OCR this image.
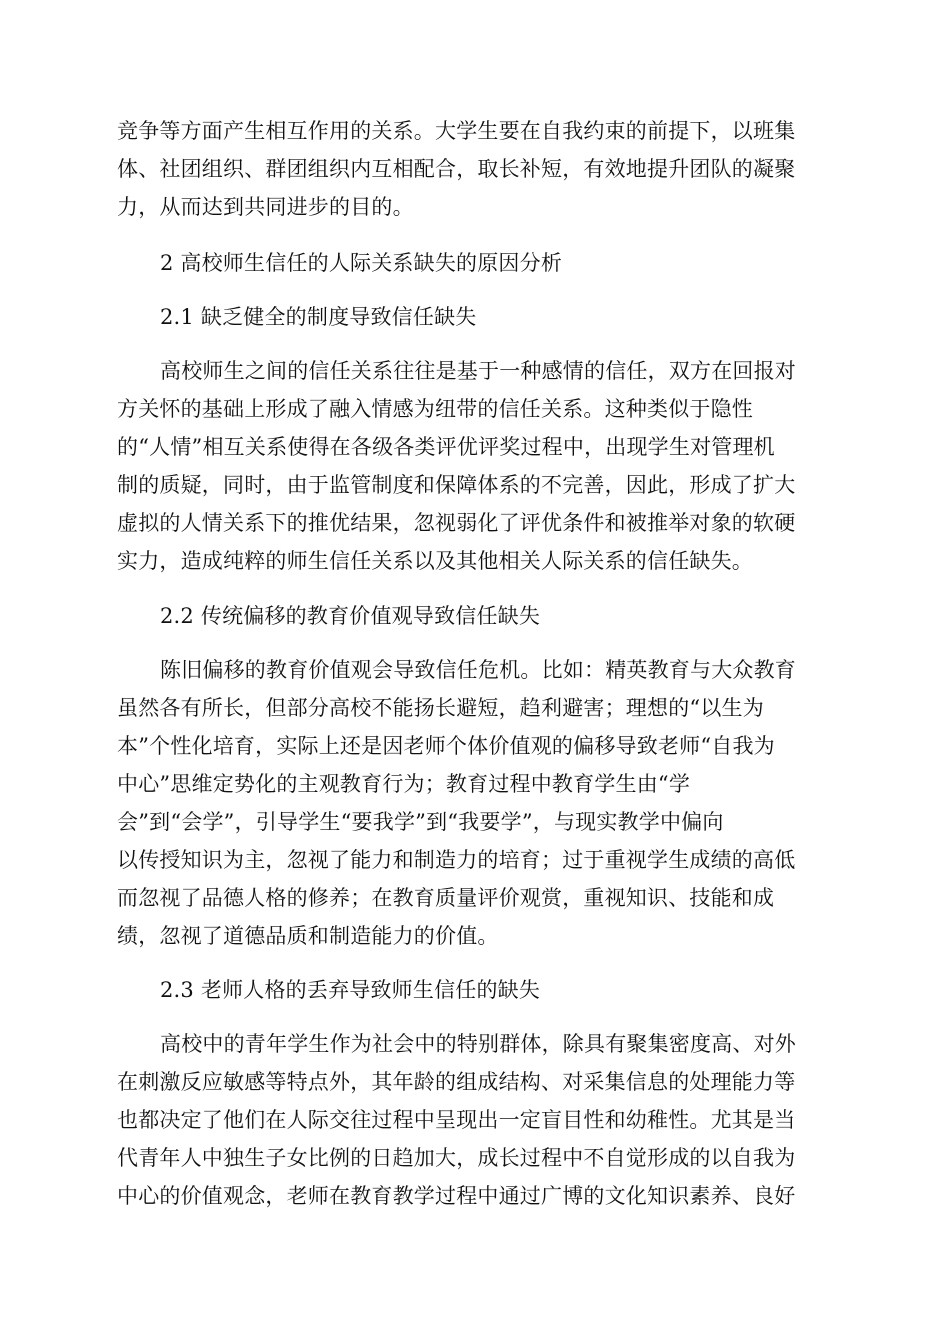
竞争等方面产生相互作用的关系。大学生要在自我约束的前提下，以班集
体、社团组织、群团组织内互相配合，取长补短，有效地提升团队的凝聚
力，从而达到共同进步的目的。
2 高校师生信任的人际关系缺失的原因分析
2.1 缺乏健全的制度导致信任缺失
高校师生之间的信任关系往往是基于一种感情的信任，双方在回报对
方关怀的基础上形成了融入情感为纽带的信任关系。这种类似于隐性
的“人情”相互关系使得在各级各类评优评奖过程中，出现学生对管理机
制的质疑，同时，由于监管制度和保障体系的不完善，因此，形成了扩大
虚拟的人情关系下的推优结果，忽视弱化了评优条件和被推举对象的软硬
实力，造成纯粹的师生信任关系以及其他相关人际关系的信任缺失。
2.2 传统偏移的教育价值观导致信任缺失
陈旧偏移的教育价值观会导致信任危机。比如：精英教育与大众教育
虽然各有所长，但部分高校不能扬长避短，趋利避害；理想的“以生为
本”个性化培育，实际上还是因老师个体价值观的偏移导致老师“自我为
中心”思维定势化的主观教育行为；教育过程中教育学生由“学
会”到“会学”，引导学生“要我学”到“我要学”，与现实教学中偏向
以传授知识为主，忽视了能力和制造力的培育；过于重视学生成绩的高低
而忽视了品德人格的修养；在教育质量评价观赏，重视知识、技能和成
绩，忽视了道德品质和制造能力的价值。
2.3 老师人格的丢弃导致师生信任的缺失
高校中的青年学生作为社会中的特别群体，除具有聚集密度高、对外
在刺激反应敏感等特点外，其年龄的组成结构、对采集信息的处理能力等
也都决定了他们在人际交往过程中呈现出一定盲目性和幼稚性。尤其是当
代青年人中独生子女比例的日趋加大，成长过程中不自觉形成的以自我为
中心的价值观念，老师在教育教学过程中通过广博的文化知识素养、良好
